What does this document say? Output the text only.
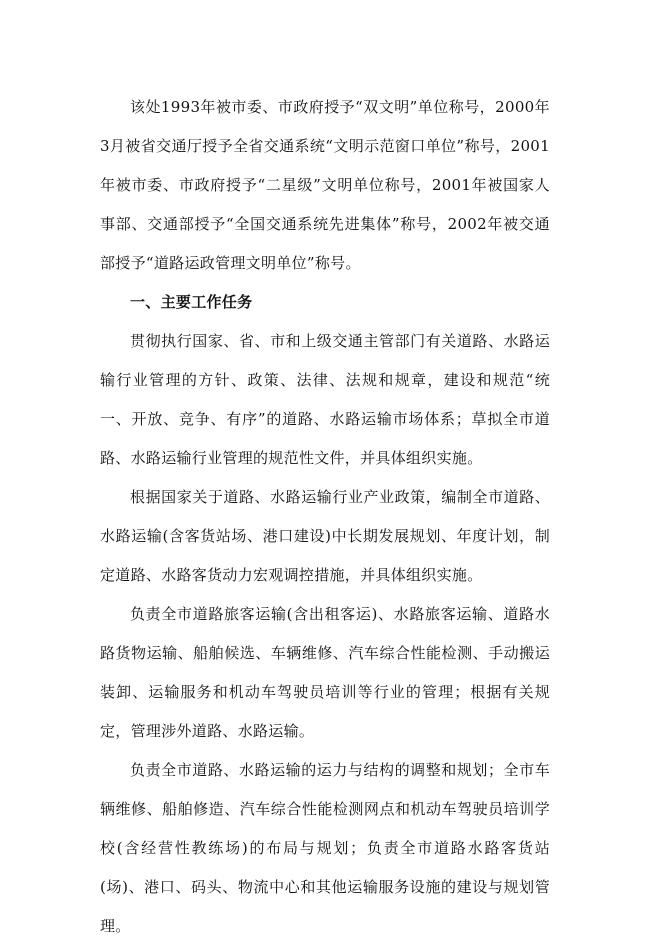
该处1993年被市委、市政府授予“双文明”单位称号，2000年3月被省交通厅授予全省交通系统“文明示范窗口单位”称号，2001年被市委、市政府授予“二星级”文明单位称号，2001年被国家人事部、交通部授予“全国交通系统先进集体”称号，2002年被交通部授予“道路运政管理文明单位”称号。

一、主要工作任务

贯彻执行国家、省、市和上级交通主管部门有关道路、水路运输行业管理的方针、政策、法律、法规和规章，建设和规范“统一、开放、竞争、有序”的道路、水路运输市场体系；草拟全市道路、水路运输行业管理的规范性文件，并具体组织实施。

根据国家关于道路、水路运输行业产业政策，编制全市道路、水路运输(含客货站场、港口建设)中长期发展规划、年度计划，制定道路、水路客货动力宏观调控措施，并具体组织实施。

负责全市道路旅客运输(含出租客运)、水路旅客运输、道路水路货物运输、船舶候选、车辆维修、汽车综合性能检测、手动搬运装卸、运输服务和机动车驾驶员培训等行业的管理；根据有关规定，管理涉外道路、水路运输。

负责全市道路、水路运输的运力与结构的调整和规划；全市车辆维修、船舶修造、汽车综合性能检测网点和机动车驾驶员培训学校(含经营性教练场)的布局与规划；负责全市道路水路客货站(场)、港口、码头、物流中心和其他运输服务设施的建设与规划管理。
